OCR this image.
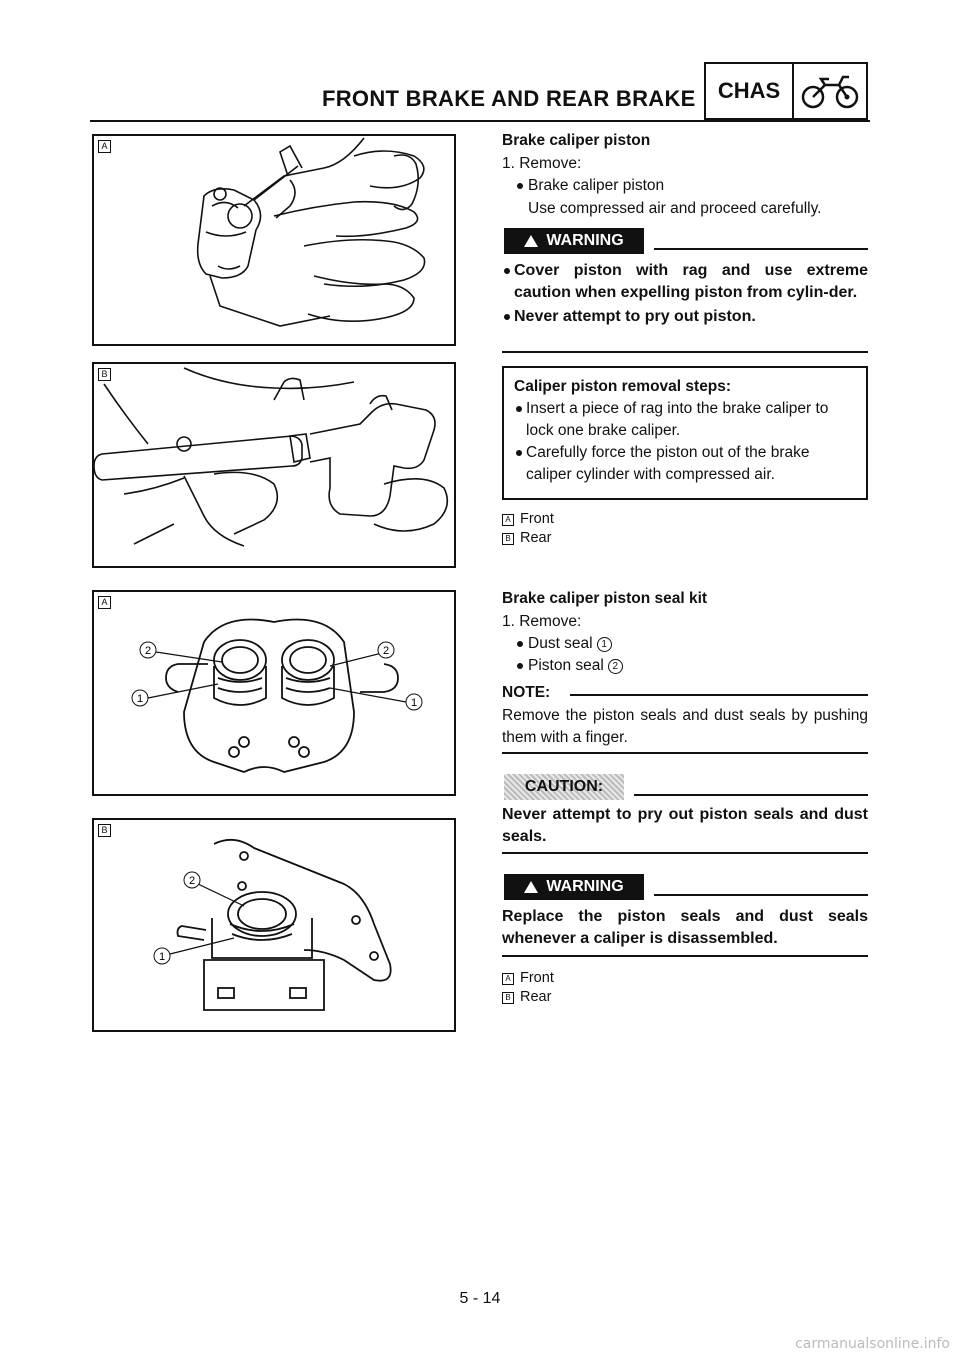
FRONT BRAKE AND REAR BRAKE	CHAS
A
B
A
2	2
1	1
B
2
1
Brake caliper piston
1. Remove:
Brake caliper piston
Use compressed air and proceed carefully.
WARNING
Cover piston with rag and use extreme caution when expelling piston from cylin-der.
Never attempt to pry out piston.
Caliper piston removal steps:
Insert a piece of rag into the brake caliper to lock one brake caliper.
Carefully force the piston out of the brake caliper cylinder with compressed air.
A Front
B Rear
Brake caliper piston seal kit
1. Remove:
Dust seal 1
Piston seal 2
NOTE:
Remove the piston seals and dust seals by pushing them with a finger.
CAUTION:
Never attempt to pry out piston seals and dust seals.
WARNING
Replace the piston seals and dust seals whenever a caliper is disassembled.
A Front
B Rear
5 - 14
carmanualsonline.info
